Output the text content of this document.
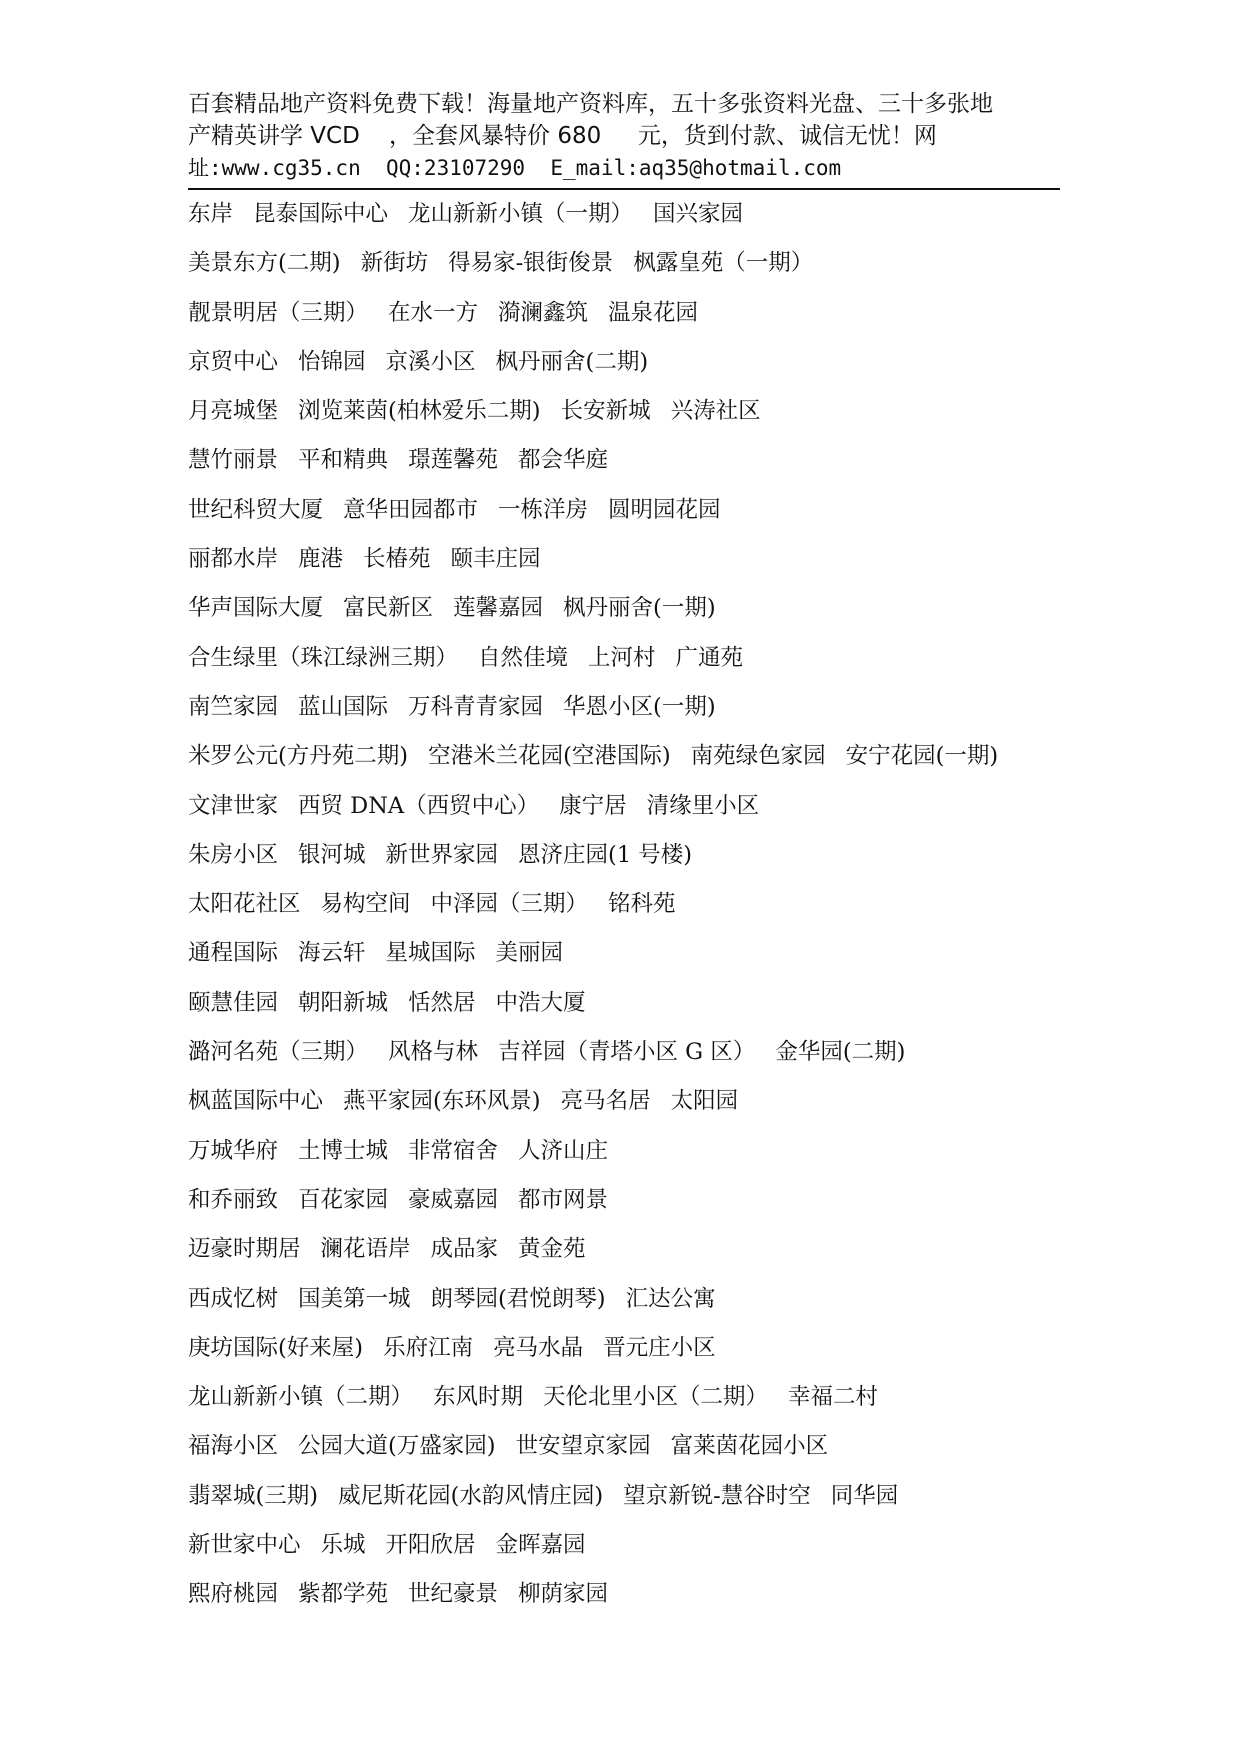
百套精品地产资料免费下载！海量地产资料库，五十多张资料光盘、三十多张地
产精英讲学 VCD    ，全套风暴特价 680     元，货到付款、诚信无忧！网
址:www.cg35.cn  QQ:23107290  E_mail:aq35@hotmail.com
东岸 昆泰国际中心 龙山新新小镇（一期） 国兴家园
美景东方(二期) 新街坊 得易家-银街俊景 枫露皇苑（一期）
靓景明居（三期） 在水一方 漪澜鑫筑 温泉花园
京贸中心 怡锦园 京溪小区 枫丹丽舍(二期)
月亮城堡 浏览莱茵(柏林爱乐二期) 长安新城 兴涛社区
慧竹丽景 平和精典 璟莲馨苑 都会华庭
世纪科贸大厦 意华田园都市 一栋洋房 圆明园花园
丽都水岸 鹿港 长椿苑 颐丰庄园
华声国际大厦 富民新区 莲馨嘉园 枫丹丽舍(一期)
合生绿里（珠江绿洲三期） 自然佳境 上河村 广通苑
南竺家园 蓝山国际 万科青青家园 华恩小区(一期)
米罗公元(方丹苑二期) 空港米兰花园(空港国际) 南苑绿色家园 安宁花园(一期)
文津世家 西贸 DNA（西贸中心） 康宁居 清缘里小区
朱房小区 银河城 新世界家园 恩济庄园(1 号楼)
太阳花社区 易构空间 中泽园（三期） 铭科苑
通程国际 海云轩 星城国际 美丽园
颐慧佳园 朝阳新城 恬然居 中浩大厦
潞河名苑（三期） 风格与林 吉祥园（青塔小区 G 区） 金华园(二期)
枫蓝国际中心 燕平家园(东环风景) 亮马名居 太阳园
万城华府 土博士城 非常宿舍 人济山庄
和乔丽致 百花家园 豪威嘉园 都市网景
迈豪时期居 澜花语岸 成品家 黄金苑
西成忆树 国美第一城 朗琴园(君悦朗琴) 汇达公寓
庚坊国际(好来屋) 乐府江南 亮马水晶 晋元庄小区
龙山新新小镇（二期） 东风时期 天伦北里小区（二期） 幸福二村
福海小区 公园大道(万盛家园) 世安望京家园 富莱茵花园小区
翡翠城(三期) 威尼斯花园(水韵风情庄园) 望京新锐-慧谷时空 同华园
新世家中心 乐城 开阳欣居 金晖嘉园
熙府桃园 紫都学苑 世纪豪景 柳荫家园
